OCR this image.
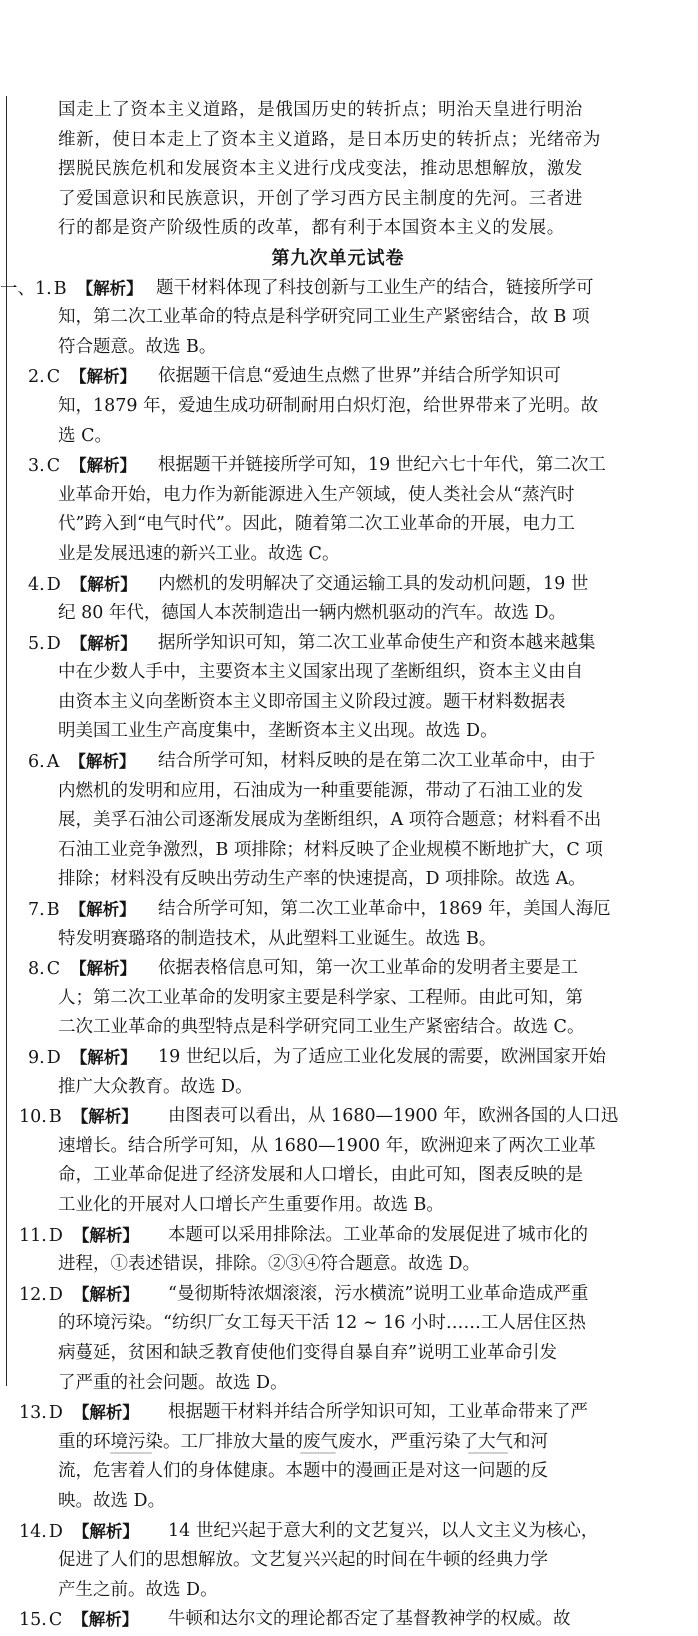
国走上了资本主义道路，是俄国历史的转折点；明治天皇进行明治
维新，使日本走上了资本主义道路，是日本历史的转折点；光绪帝为
摆脱民族危机和发展资本主义进行戊戌变法，推动思想解放，激发
了爱国意识和民族意识，开创了学习西方民主制度的先河。三者进
行的都是资产阶级性质的改革，都有利于本国资本主义的发展。
第九次单元试卷
一、1. B 【解析】 题干材料体现了科技创新与工业生产的结合，链接所学可
知，第二次工业革命的特点是科学研究同工业生产紧密结合，故 B 项
符合题意。故选 B。
2. C 【解析】	依据题干信息“爱迪生点燃了世界”并结合所学知识可
知，1879 年，爱迪生成功研制耐用白炽灯泡，给世界带来了光明。故
选 C。
3. C 【解析】	根据题干并链接所学可知，19 世纪六七十年代，第二次工
业革命开始，电力作为新能源进入生产领域，使人类社会从“蒸汽时
代”跨入到“电气时代”。因此，随着第二次工业革命的开展，电力工
业是发展迅速的新兴工业。故选 C。
4. D 【解析】	内燃机的发明解决了交通运输工具的发动机问题，19 世
纪 80 年代，德国人本茨制造出一辆内燃机驱动的汽车。故选 D。
5. D 【解析】	据所学知识可知，第二次工业革命使生产和资本越来越集
中在少数人手中，主要资本主义国家出现了垄断组织，资本主义由自
由资本主义向垄断资本主义即帝国主义阶段过渡。题干材料数据表
明美国工业生产高度集中，垄断资本主义出现。故选 D。
6. A 【解析】	结合所学可知，材料反映的是在第二次工业革命中，由于
内燃机的发明和应用，石油成为一种重要能源，带动了石油工业的发
展，美孚石油公司逐渐发展成为垄断组织，A 项符合题意；材料看不出
石油工业竞争激烈，B 项排除；材料反映了企业规模不断地扩大，C 项
排除；材料没有反映出劳动生产率的快速提高，D 项排除。故选 A。
7. B 【解析】	结合所学可知，第二次工业革命中，1869 年，美国人海厄
特发明赛璐珞的制造技术，从此塑料工业诞生。故选 B。
8. C 【解析】	依据表格信息可知，第一次工业革命的发明者主要是工
人；第二次工业革命的发明家主要是科学家、工程师。由此可知，第
二次工业革命的典型特点是科学研究同工业生产紧密结合。故选 C。
9. D 【解析】	19 世纪以后，为了适应工业化发展的需要，欧洲国家开始
推广大众教育。故选 D。
10. B 【解析】	由图表可以看出，从 1680—1900 年，欧洲各国的人口迅
速增长。结合所学可知，从 1680—1900 年，欧洲迎来了两次工业革
命，工业革命促进了经济发展和人口增长，由此可知，图表反映的是
工业化的开展对人口增长产生重要作用。故选 B。
11. D 【解析】	本题可以采用排除法。工业革命的发展促进了城市化的
进程，①表述错误，排除。②③④符合题意。故选 D。
12. D 【解析】	“曼彻斯特浓烟滚滚，污水横流”说明工业革命造成严重
的环境污染。“纺织厂女工每天干活 12 ~ 16 小时……工人居住区热
病蔓延，贫困和缺乏教育使他们变得自暴自弃”说明工业革命引发
了严重的社会问题。故选 D。
13. D 【解析】	根据题干材料并结合所学知识可知，工业革命带来了严
重的环境污染。工厂排放大量的废气废水，严重污染了大气和河
流，危害着人们的身体健康。本题中的漫画正是对这一问题的反
映。故选 D。
14. D 【解析】	14 世纪兴起于意大利的文艺复兴，以人文主义为核心，
促进了人们的思想解放。文艺复兴兴起的时间在牛顿的经典力学
产生之前。故选 D。
15. C 【解析】	牛顿和达尔文的理论都否定了基督教神学的权威。故
